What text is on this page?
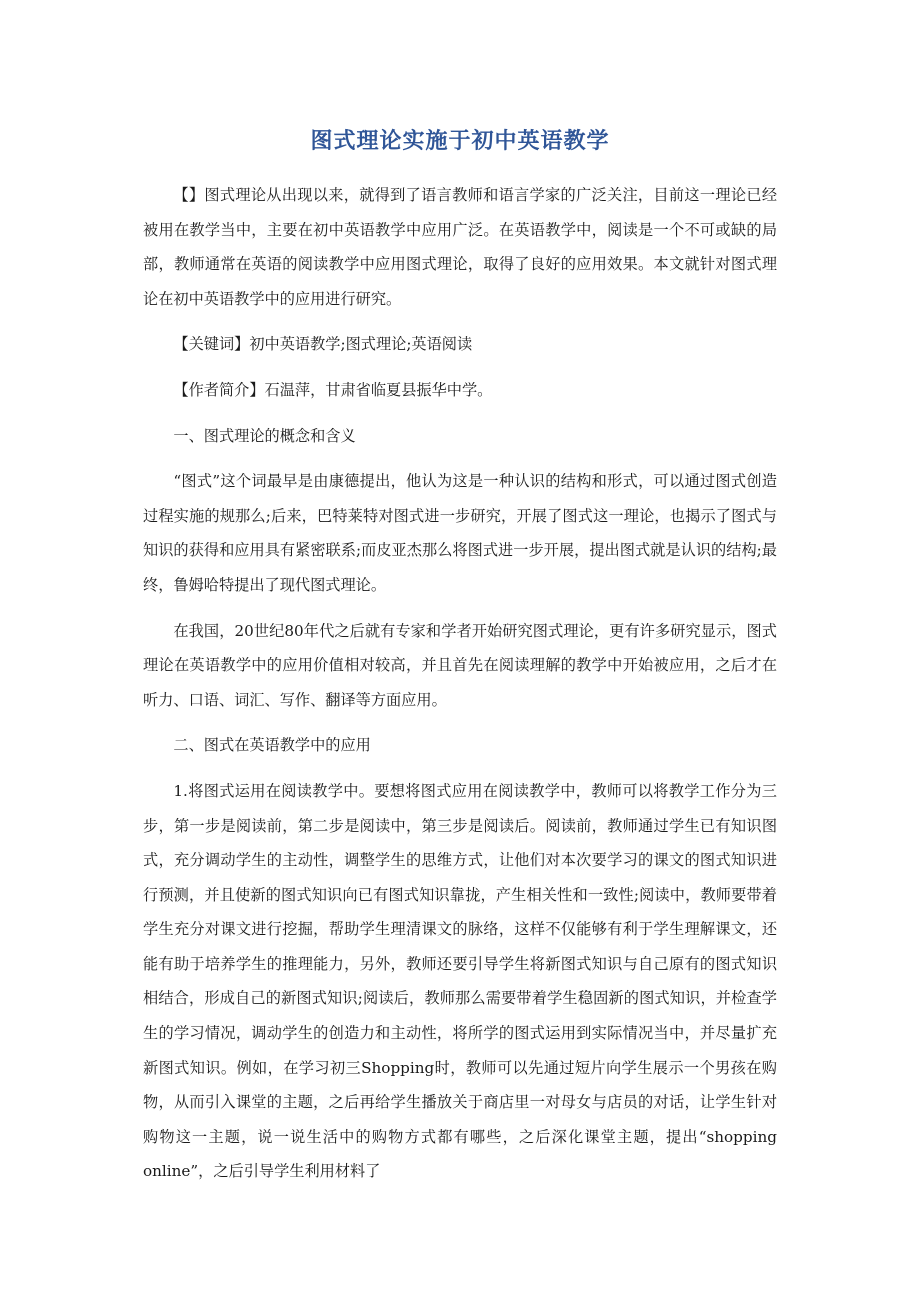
图式理论实施于初中英语教学

【】图式理论从出现以来，就得到了语言教师和语言学家的广泛关注，目前这一理论已经被用在教学当中，主要在初中英语教学中应用广泛。在英语教学中，阅读是一个不可或缺的局部，教师通常在英语的阅读教学中应用图式理论，取得了良好的应用效果。本文就针对图式理论在初中英语教学中的应用进行研究。

【关键词】初中英语教学;图式理论;英语阅读

【作者简介】石温萍，甘肃省临夏县振华中学。

一、图式理论的概念和含义

“图式”这个词最早是由康德提出，他认为这是一种认识的结构和形式，可以通过图式创造过程实施的规那么;后来，巴特莱特对图式进一步研究，开展了图式这一理论，也揭示了图式与知识的获得和应用具有紧密联系;而皮亚杰那么将图式进一步开展，提出图式就是认识的结构;最终，鲁姆哈特提出了现代图式理论。

在我国，20世纪80年代之后就有专家和学者开始研究图式理论，更有许多研究显示，图式理论在英语教学中的应用价值相对较高，并且首先在阅读理解的教学中开始被应用，之后才在听力、口语、词汇、写作、翻译等方面应用。

二、图式在英语教学中的应用

1.将图式运用在阅读教学中。要想将图式应用在阅读教学中，教师可以将教学工作分为三步，第一步是阅读前，第二步是阅读中，第三步是阅读后。阅读前，教师通过学生已有知识图式，充分调动学生的主动性，调整学生的思维方式，让他们对本次要学习的课文的图式知识进行预测，并且使新的图式知识向已有图式知识靠拢，产生相关性和一致性;阅读中，教师要带着学生充分对课文进行挖掘，帮助学生理清课文的脉络，这样不仅能够有利于学生理解课文，还能有助于培养学生的推理能力，另外，教师还要引导学生将新图式知识与自己原有的图式知识相结合，形成自己的新图式知识;阅读后，教师那么需要带着学生稳固新的图式知识，并检查学生的学习情况，调动学生的创造力和主动性，将所学的图式运用到实际情况当中，并尽量扩充新图式知识。例如，在学习初三Shopping时，教师可以先通过短片向学生展示一个男孩在购物，从而引入课堂的主题，之后再给学生播放关于商店里一对母女与店员的对话，让学生针对购物这一主题，说一说生活中的购物方式都有哪些，之后深化课堂主题，提出“shopping online”，之后引导学生利用材料了
